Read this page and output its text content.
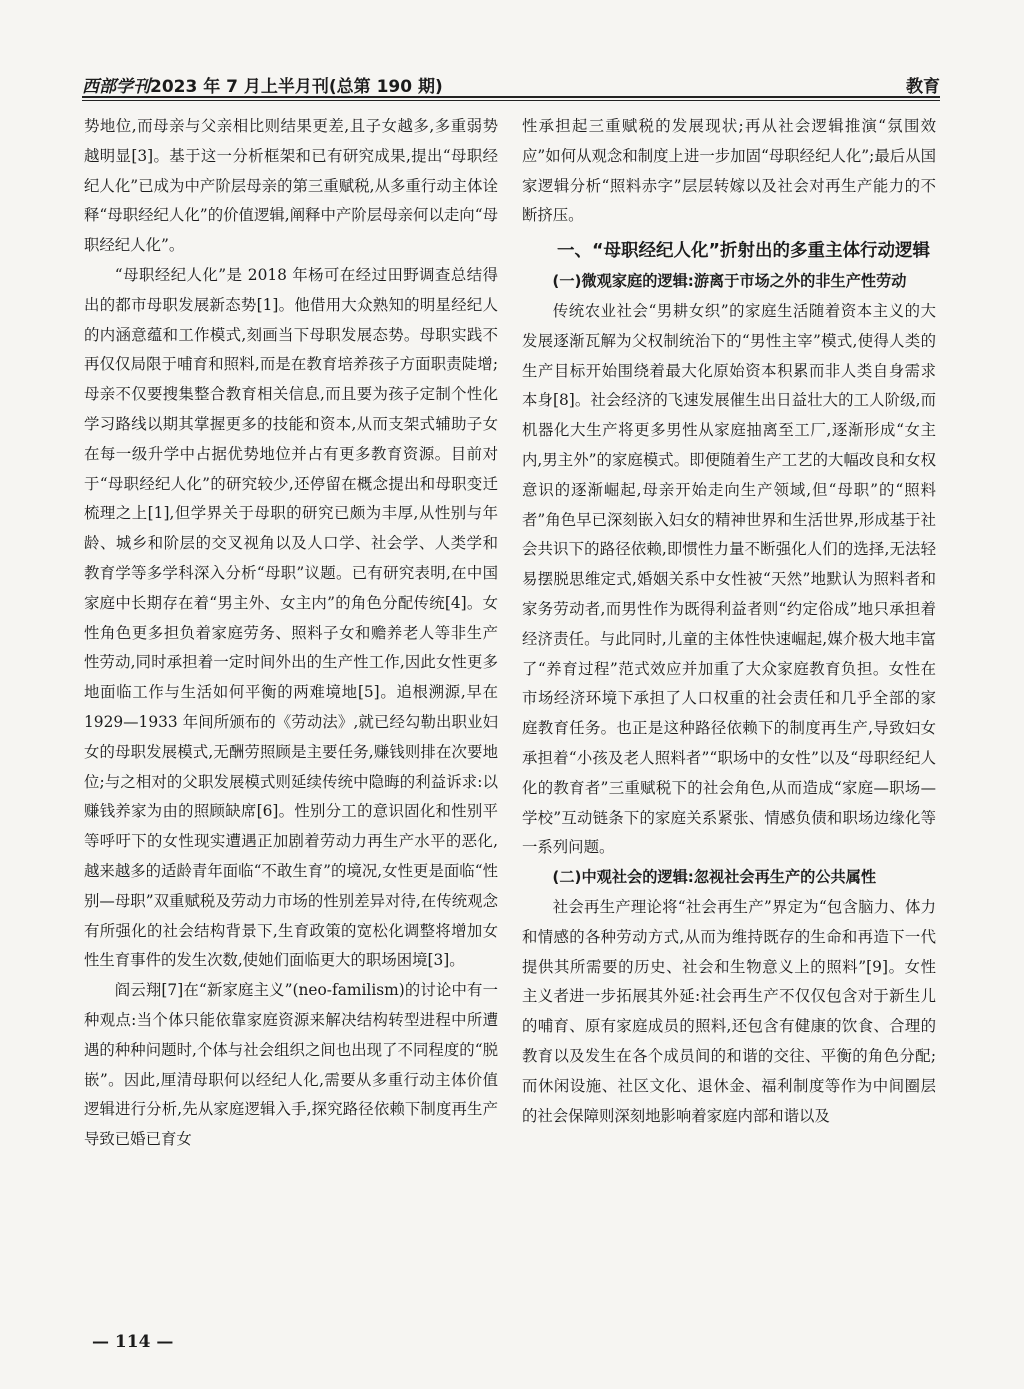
西部学刊2023 年 7 月上半月刊(总第 190 期)	教育

势地位,而母亲与父亲相比则结果更差,且子女越多,多重弱势越明显[3]。基于这一分析框架和已有研究成果,提出“母职经纪人化”已成为中产阶层母亲的第三重赋税,从多重行动主体诠释“母职经纪人化”的价值逻辑,阐释中产阶层母亲何以走向“母职经纪人化”。

“母职经纪人化”是 2018 年杨可在经过田野调查总结得出的都市母职发展新态势[1]。他借用大众熟知的明星经纪人的内涵意蕴和工作模式,刻画当下母职发展态势。母职实践不再仅仅局限于哺育和照料,而是在教育培养孩子方面职责陡增;母亲不仅要搜集整合教育相关信息,而且要为孩子定制个性化学习路线以期其掌握更多的技能和资本,从而支架式辅助子女在每一级升学中占据优势地位并占有更多教育资源。目前对于“母职经纪人化”的研究较少,还停留在概念提出和母职变迁梳理之上[1],但学界关于母职的研究已颇为丰厚,从性别与年龄、城乡和阶层的交叉视角以及人口学、社会学、人类学和教育学等多学科深入分析“母职”议题。已有研究表明,在中国家庭中长期存在着“男主外、女主内”的角色分配传统[4]。女性角色更多担负着家庭劳务、照料子女和赡养老人等非生产性劳动,同时承担着一定时间外出的生产性工作,因此女性更多地面临工作与生活如何平衡的两难境地[5]。追根溯源,早在 1929—1933 年间所颁布的《劳动法》,就已经勾勒出职业妇女的母职发展模式,无酬劳照顾是主要任务,赚钱则排在次要地位;与之相对的父职发展模式则延续传统中隐晦的利益诉求:以赚钱养家为由的照顾缺席[6]。性别分工的意识固化和性别平等呼吁下的女性现实遭遇正加剧着劳动力再生产水平的恶化,越来越多的适龄青年面临“不敢生育”的境况,女性更是面临“性别—母职”双重赋税及劳动力市场的性别差异对待,在传统观念有所强化的社会结构背景下,生育政策的宽松化调整将增加女性生育事件的发生次数,使她们面临更大的职场困境[3]。

阎云翔[7]在“新家庭主义”(neo-familism)的讨论中有一种观点:当个体只能依靠家庭资源来解决结构转型进程中所遭遇的种种问题时,个体与社会组织之间也出现了不同程度的“脱嵌”。因此,厘清母职何以经纪人化,需要从多重行动主体价值逻辑进行分析,先从家庭逻辑入手,探究路径依赖下制度再生产导致已婚已育女

性承担起三重赋税的发展现状;再从社会逻辑推演“氛围效应”如何从观念和制度上进一步加固“母职经纪人化”;最后从国家逻辑分析“照料赤字”层层转嫁以及社会对再生产能力的不断挤压。

一、“母职经纪人化”折射出的多重主体行动逻辑
(一)微观家庭的逻辑:游离于市场之外的非生产性劳动

传统农业社会“男耕女织”的家庭生活随着资本主义的大发展逐渐瓦解为父权制统治下的“男性主宰”模式,使得人类的生产目标开始围绕着最大化原始资本积累而非人类自身需求本身[8]。社会经济的飞速发展催生出日益壮大的工人阶级,而机器化大生产将更多男性从家庭抽离至工厂,逐渐形成“女主内,男主外”的家庭模式。即便随着生产工艺的大幅改良和女权意识的逐渐崛起,母亲开始走向生产领域,但“母职”的“照料者”角色早已深刻嵌入妇女的精神世界和生活世界,形成基于社会共识下的路径依赖,即惯性力量不断强化人们的选择,无法轻易摆脱思维定式,婚姻关系中女性被“天然”地默认为照料者和家务劳动者,而男性作为既得利益者则“约定俗成”地只承担着经济责任。与此同时,儿童的主体性快速崛起,媒介极大地丰富了“养育过程”范式效应并加重了大众家庭教育负担。女性在市场经济环境下承担了人口权重的社会责任和几乎全部的家庭教育任务。也正是这种路径依赖下的制度再生产,导致妇女承担着“小孩及老人照料者”“职场中的女性”以及“母职经纪人化的教育者”三重赋税下的社会角色,从而造成“家庭—职场—学校”互动链条下的家庭关系紧张、情感负债和职场边缘化等一系列问题。

(二)中观社会的逻辑:忽视社会再生产的公共属性

社会再生产理论将“社会再生产”界定为“包含脑力、体力和情感的各种劳动方式,从而为维持既存的生命和再造下一代提供其所需要的历史、社会和生物意义上的照料”[9]。女性主义者进一步拓展其外延:社会再生产不仅仅包含对于新生儿的哺育、原有家庭成员的照料,还包含有健康的饮食、合理的教育以及发生在各个成员间的和谐的交往、平衡的角色分配;而休闲设施、社区文化、退休金、福利制度等作为中间圈层的社会保障则深刻地影响着家庭内部和谐以及

— 114 —
